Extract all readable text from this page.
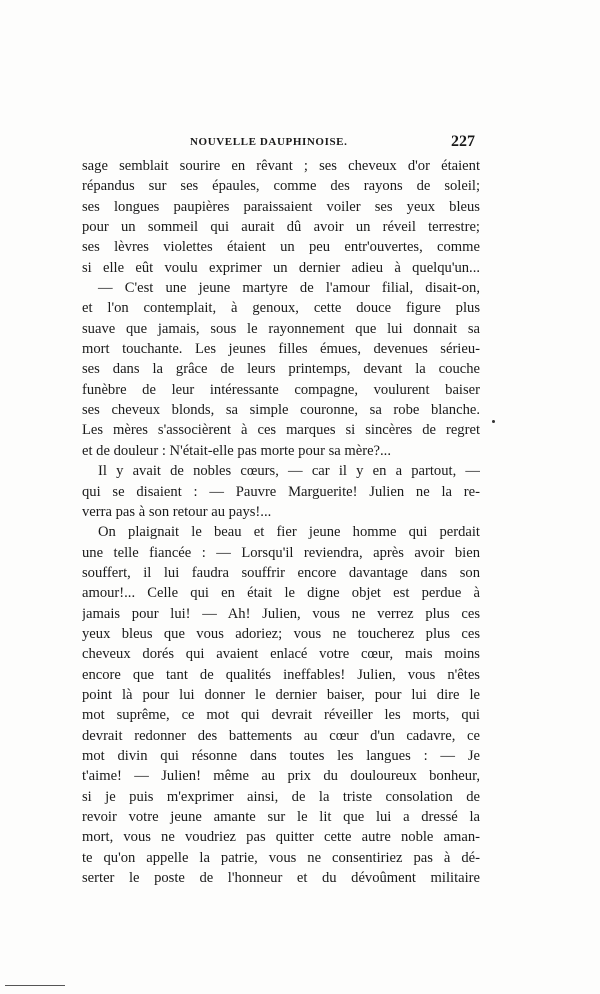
NOUVELLE DAUPHINOISE.	227
sage semblait sourire en rêvant ; ses cheveux d'or étaient
répandus sur ses épaules, comme des rayons de soleil;
ses longues paupières paraissaient voiler ses yeux bleus
pour un sommeil qui aurait dû avoir un réveil terrestre;
ses lèvres violettes étaient un peu entr'ouvertes, comme
si elle eût voulu exprimer un dernier adieu à quelqu'un...
— C'est une jeune martyre de l'amour filial, disait-on,
et l'on contemplait, à genoux, cette douce figure plus
suave que jamais, sous le rayonnement que lui donnait sa
mort touchante. Les jeunes filles émues, devenues sérieu-
ses dans la grâce de leurs printemps, devant la couche
funèbre de leur intéressante compagne, voulurent baiser
ses cheveux blonds, sa simple couronne, sa robe blanche.
Les mères s'associèrent à ces marques si sincères de regret
et de douleur : N'était-elle pas morte pour sa mère?...
Il y avait de nobles cœurs, — car il y en a partout, —
qui se disaient : — Pauvre Marguerite! Julien ne la re-
verra pas à son retour au pays!...
On plaignait le beau et fier jeune homme qui perdait
une telle fiancée : — Lorsqu'il reviendra, après avoir bien
souffert, il lui faudra souffrir encore davantage dans son
amour!... Celle qui en était le digne objet est perdue à
jamais pour lui! — Ah! Julien, vous ne verrez plus ces
yeux bleus que vous adoriez; vous ne toucherez plus ces
cheveux dorés qui avaient enlacé votre cœur, mais moins
encore que tant de qualités ineffables! Julien, vous n'êtes
point là pour lui donner le dernier baiser, pour lui dire le
mot suprême, ce mot qui devrait réveiller les morts, qui
devrait redonner des battements au cœur d'un cadavre, ce
mot divin qui résonne dans toutes les langues : — Je
t'aime! — Julien! même au prix du douloureux bonheur,
si je puis m'exprimer ainsi, de la triste consolation de
revoir votre jeune amante sur le lit que lui a dressé la
mort, vous ne voudriez pas quitter cette autre noble aman-
te qu'on appelle la patrie, vous ne consentiriez pas à dé-
serter le poste de l'honneur et du dévoûment militaire
